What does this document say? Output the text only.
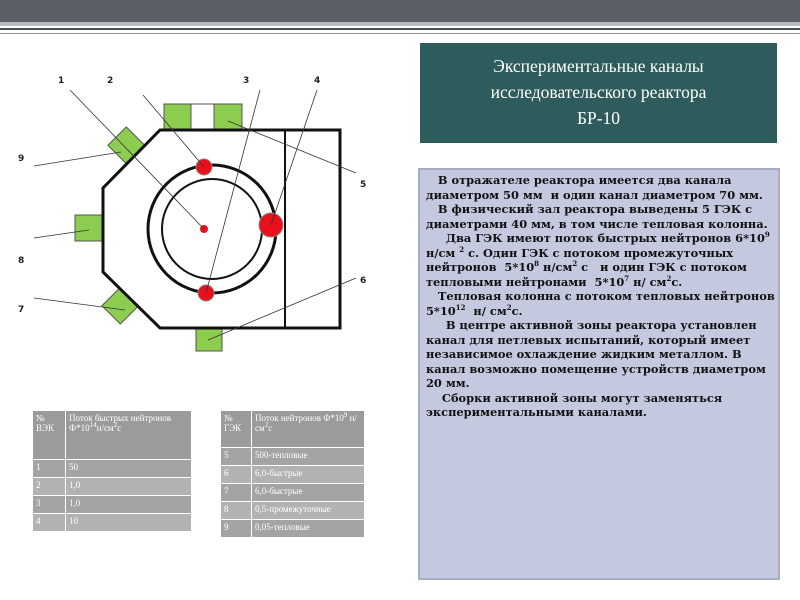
Экспериментальные каналы
исследовательского реактора
БР-10

В отражателе реактора имеется два канала диаметром 50 мм  и один канал диаметром 70 мм.

В физический зал реактора выведены 5 ГЭК с диаметрами 40 мм, в том числе тепловая колонна.

Два ГЭК имеют поток быстрых нейтронов $6*10^9$  н/см $^2$ с. Один ГЭК с потоком промежуточных нейтронов  $5*10^8$ $н/см^2$ с   и один ГЭК с потоком тепловыми нейтронами  $5*10^7$ н/ $см^2с$.

Тепловая колонна с потоком тепловых нейтронов $5*10^{12}$  н/ $см^2с$.

В центре активной зоны реактора установлен канал для петлевых испытаний, который имеет независимое охлаждение жидким металлом. В канал возможно помещение устройств диаметром 20 мм.

Сборки активной зоны могут заменяться экспериментальными каналами.

1	2	3	4
5
6
7
8
9
№ ВЭК	Поток быстрых нейтронов
$Ф*10^{14}н/см^2с$
1	50
2	1,0
3	1,0
4	10
№ ГЭК	Поток нейтронов $Ф*10^9$ $н/см^2с$
5	500-тепловые
6	6,0-быстрые
7	6,0-быстрые
8	0,5-промежуточные
9	0,05-тепловые
